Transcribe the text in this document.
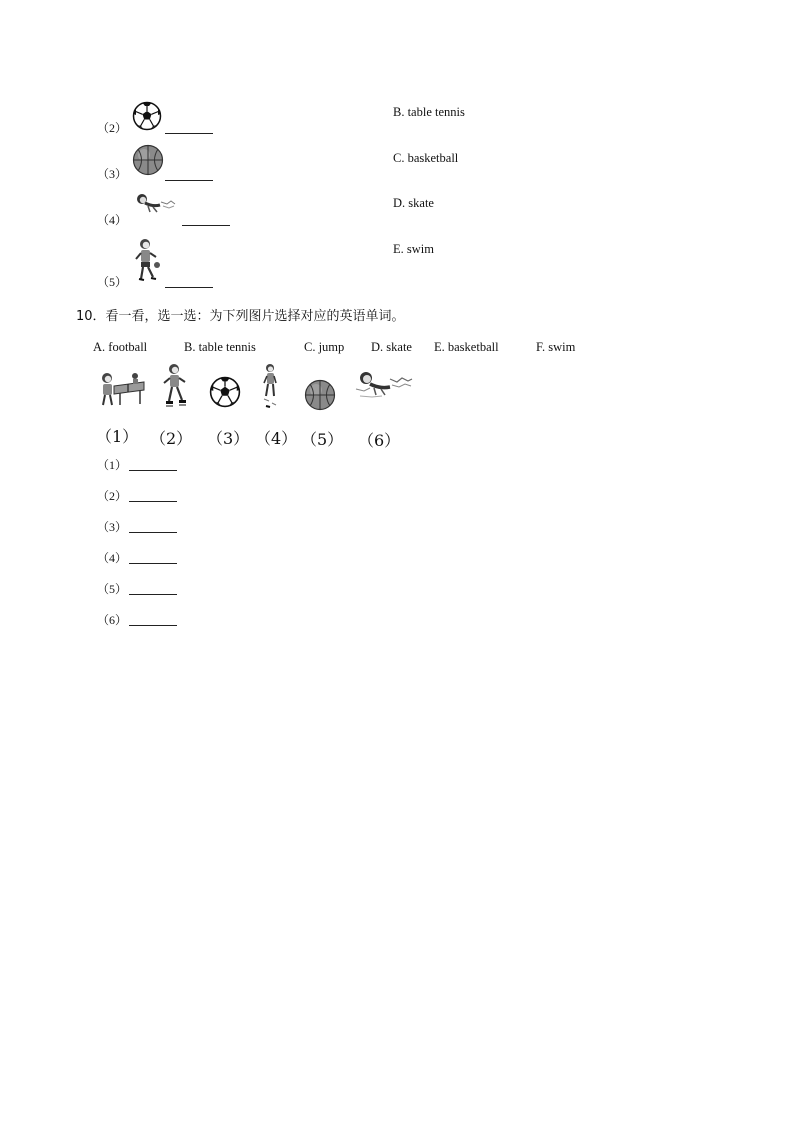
（2）
B. table tennis
（3）
C. basketball
（4）
D. skate
（5）
E. swim
10．看一看，选一选：为下列图片选择对应的英语单词。
A. football	B. table tennis	C. jump D. skate E. basketball	F. swim
（1） （2） （3） （4） （5） （6）
（1）
（2）
（3）
（4）
（5）
（6）
